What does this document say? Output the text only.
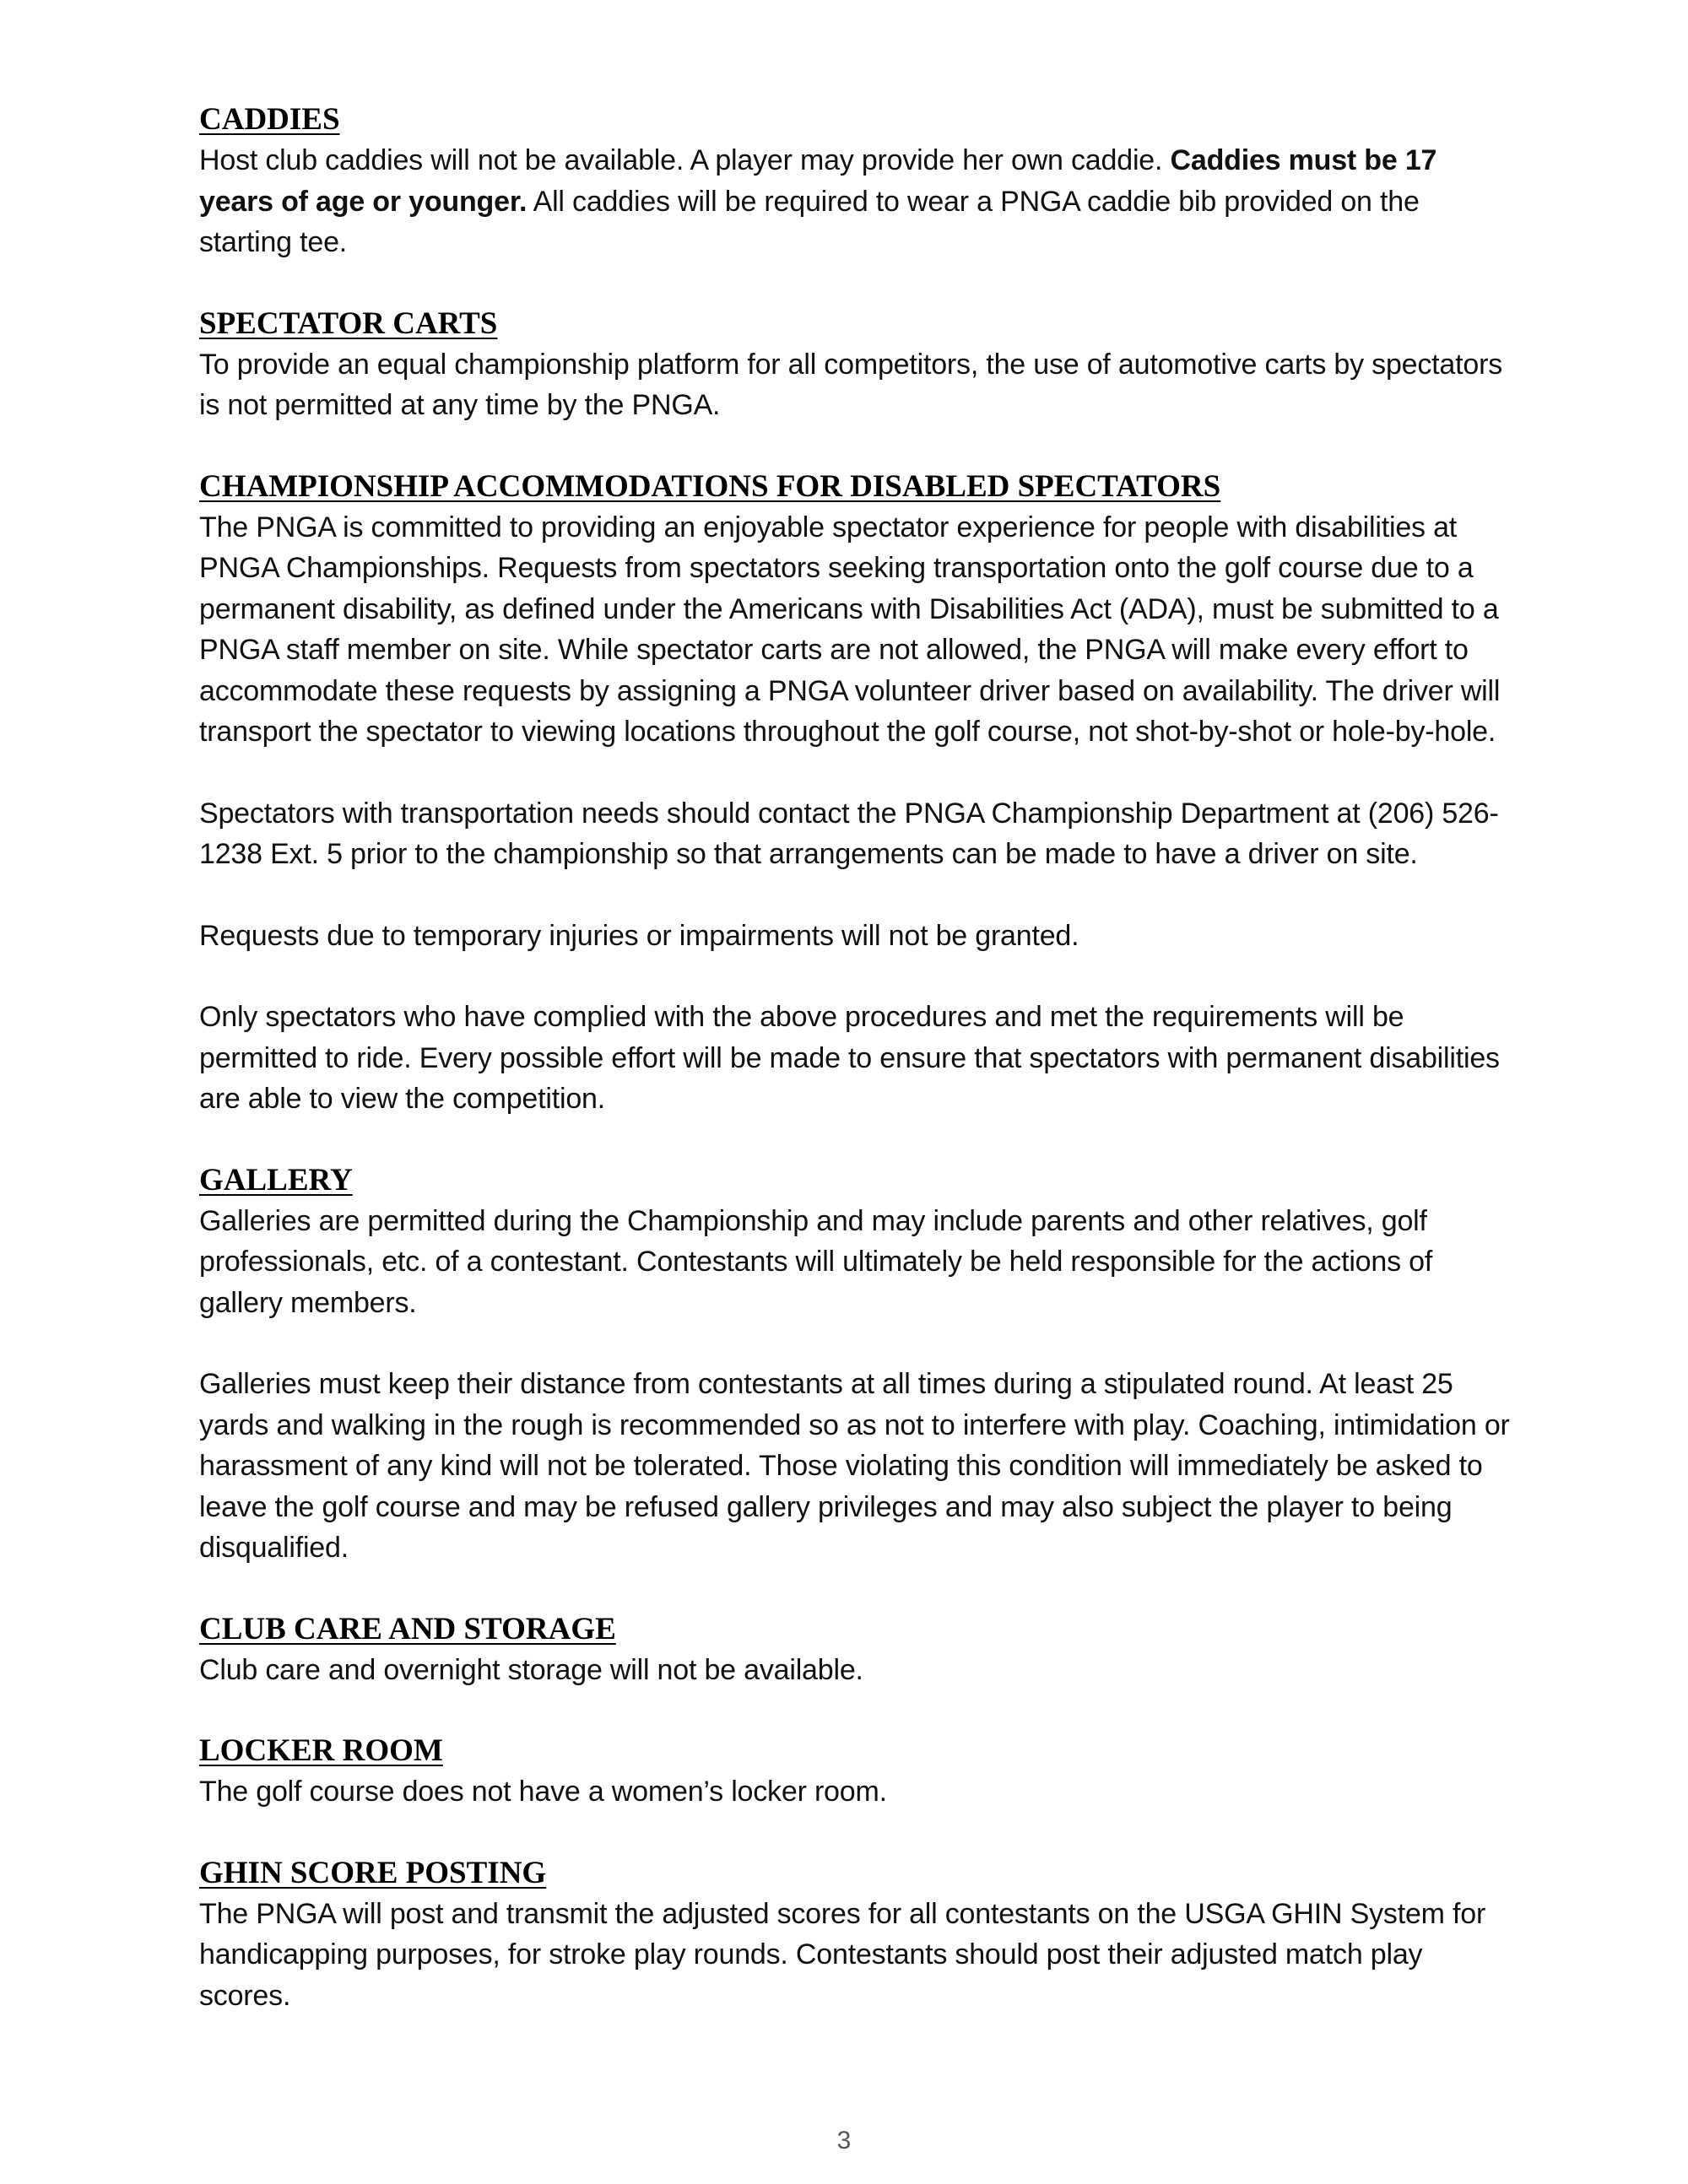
CADDIES

Host club caddies will not be available. A player may provide her own caddie. Caddies must be 17 years of age or younger. All caddies will be required to wear a PNGA caddie bib provided on the starting tee.

SPECTATOR CARTS

To provide an equal championship platform for all competitors, the use of automotive carts by spectators is not permitted at any time by the PNGA.

CHAMPIONSHIP ACCOMMODATIONS FOR DISABLED SPECTATORS

The PNGA is committed to providing an enjoyable spectator experience for people with disabilities at PNGA Championships. Requests from spectators seeking transportation onto the golf course due to a permanent disability, as defined under the Americans with Disabilities Act (ADA), must be submitted to a PNGA staff member on site. While spectator carts are not allowed, the PNGA will make every effort to accommodate these requests by assigning a PNGA volunteer driver based on availability. The driver will transport the spectator to viewing locations throughout the golf course, not shot-by-shot or hole-by-hole.

Spectators with transportation needs should contact the PNGA Championship Department at (206) 526-1238 Ext. 5 prior to the championship so that arrangements can be made to have a driver on site.

Requests due to temporary injuries or impairments will not be granted.

Only spectators who have complied with the above procedures and met the requirements will be permitted to ride. Every possible effort will be made to ensure that spectators with permanent disabilities are able to view the competition.

GALLERY

Galleries are permitted during the Championship and may include parents and other relatives, golf professionals, etc. of a contestant. Contestants will ultimately be held responsible for the actions of gallery members.

Galleries must keep their distance from contestants at all times during a stipulated round. At least 25 yards and walking in the rough is recommended so as not to interfere with play. Coaching, intimidation or harassment of any kind will not be tolerated. Those violating this condition will immediately be asked to leave the golf course and may be refused gallery privileges and may also subject the player to being disqualified.

CLUB CARE AND STORAGE

Club care and overnight storage will not be available.

LOCKER ROOM

The golf course does not have a women’s locker room.

GHIN SCORE POSTING

The PNGA will post and transmit the adjusted scores for all contestants on the USGA GHIN System for handicapping purposes, for stroke play rounds. Contestants should post their adjusted match play scores.

3
